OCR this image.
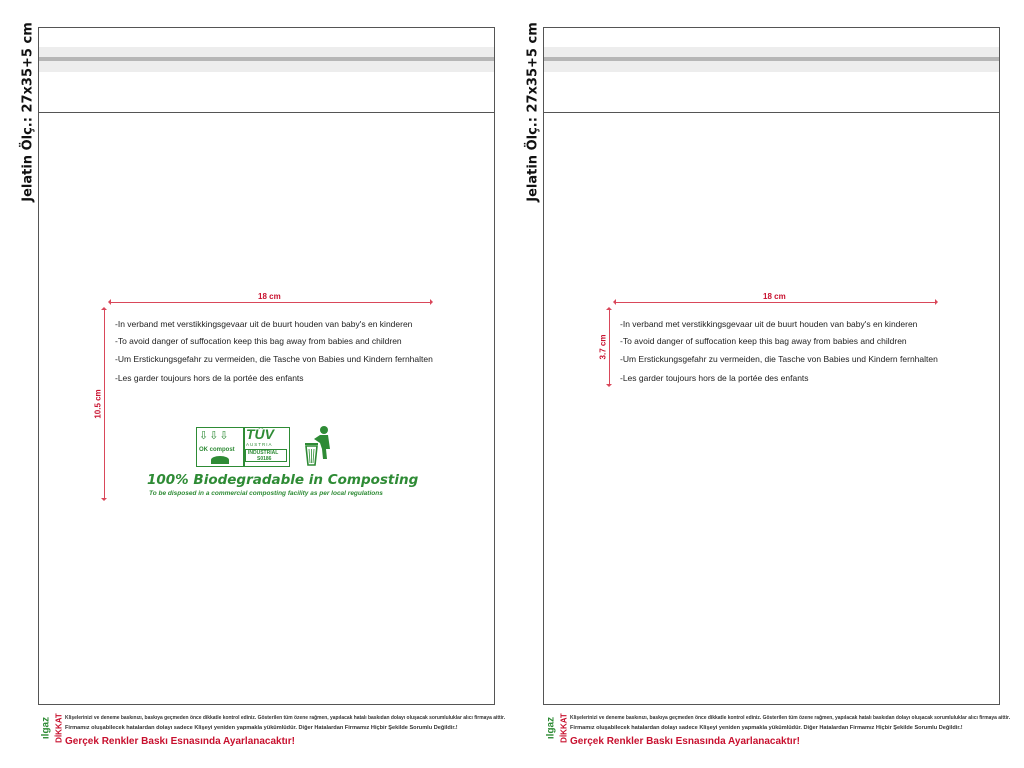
Jelatin Ölç.: 27x35+5 cm
18 cm
10.5 cm
-In verband met verstikkingsgevaar uit de buurt houden van baby's en kinderen
-To avoid danger of suffocation keep this bag away from babies and children
-Um Erstickungsgefahr zu vermeiden, die Tasche von Babies und Kindern fernhalten
-Les garder toujours hors de la portée des enfants
⇩⇩⇩
OK compost
TÜV
AUSTRIA
INDUSTRIAL
S0186
100% Biodegradable in Composting
To be disposed in a commercial composting facility as per local regulations
ılgaz DİKKAT Klişelerinizi ve deneme baskınızı, baskıya geçmeden önce dikkatle kontrol ediniz. Gösterilen tüm özene rağmen, yapılacak hatalı baskıdan dolayı oluşacak sorumluluklar alıcı firmaya aittir.
Firmamız oluşabilecek hatalardan dolayı sadece Klişeyi yeniden yapmakla yükümlüdür. Diğer Hatalardan Firmamız Hiçbir Şekilde Sorumlu Değildir.!
Gerçek Renkler Baskı Esnasında Ayarlanacaktır!
Jelatin Ölç.: 27x35+5 cm
18 cm
3.7 cm
-In verband met verstikkingsgevaar uit de buurt houden van baby's en kinderen
-To avoid danger of suffocation keep this bag away from babies and children
-Um Erstickungsgefahr zu vermeiden, die Tasche von Babies und Kindern fernhalten
-Les garder toujours hors de la portée des enfants
ılgaz DİKKAT Klişelerinizi ve deneme baskınızı, baskıya geçmeden önce dikkatle kontrol ediniz. Gösterilen tüm özene rağmen, yapılacak hatalı baskıdan dolayı oluşacak sorumluluklar alıcı firmaya aittir.
Firmamız oluşabilecek hatalardan dolayı sadece Klişeyi yeniden yapmakla yükümlüdür. Diğer Hatalardan Firmamız Hiçbir Şekilde Sorumlu Değildir.!
Gerçek Renkler Baskı Esnasında Ayarlanacaktır!
